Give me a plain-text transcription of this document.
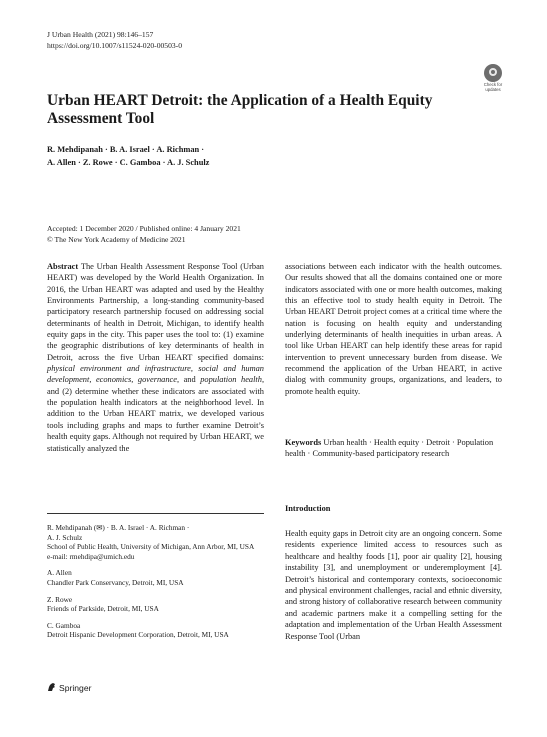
J Urban Health (2021) 98:146–157
https://doi.org/10.1007/s11524-020-00503-0
Check for
updates
Urban HEART Detroit: the Application of a Health Equity Assessment Tool
R. Mehdipanah · B. A. Israel · A. Richman ·
A. Allen · Z. Rowe · C. Gamboa · A. J. Schulz
Accepted: 1 December 2020 / Published online: 4 January 2021
© The New York Academy of Medicine 2021
Abstract The Urban Health Assessment Response Tool (Urban HEART) was developed by the World Health Organization. In 2016, the Urban HEART was adapted and used by the Healthy Environments Partnership, a long-standing community-based participatory research partnership focused on addressing social determinants of health in Detroit, Michigan, to identify health equity gaps in the city. This paper uses the tool to: (1) examine the geographic distributions of key determinants of health in Detroit, across the five Urban HEART specified domains: physical environment and infrastructure, social and human development, economics, governance, and population health, and (2) determine whether these indicators are associated with the population health indicators at the neighborhood level. In addition to the Urban HEART matrix, we developed various tools including graphs and maps to further examine Detroit’s health equity gaps. Although not required by Urban HEART, we statistically analyzed the
associations between each indicator with the health outcomes. Our results showed that all the domains contained one or more indicators associated with one or more health outcomes, making this an effective tool to study health equity in Detroit. The Urban HEART Detroit project comes at a critical time where the nation is focusing on health equity and understanding underlying determinants of health inequities in urban areas. A tool like Urban HEART can help identify these areas for rapid intervention to prevent unnecessary burden from disease. We recommend the application of the Urban HEART, in active dialog with community groups, organizations, and leaders, to promote health equity.
Keywords Urban health · Health equity · Detroit · Population health · Community-based participatory research
Introduction
Health equity gaps in Detroit city are an ongoing concern. Some residents experience limited access to resources such as healthcare and healthy foods [1], poor air quality [2], housing instability [3], and unemployment or underemployment [4]. Detroit’s historical and contemporary contexts, socioeconomic and physical environment challenges, racial and ethnic diversity, and strong history of collaborative research between community and academic partners make it a compelling setting for the adaptation and implementation of the Urban Health Assessment Response Tool (Urban
R. Mehdipanah (✉) · B. A. Israel · A. Richman ·
A. J. Schulz
School of Public Health, University of Michigan, Ann Arbor, MI, USA
e-mail: rmehdipa@umich.edu
A. Allen
Chandler Park Conservancy, Detroit, MI, USA
Z. Rowe
Friends of Parkside, Detroit, MI, USA
C. Gamboa
Detroit Hispanic Development Corporation, Detroit, MI, USA
Springer
